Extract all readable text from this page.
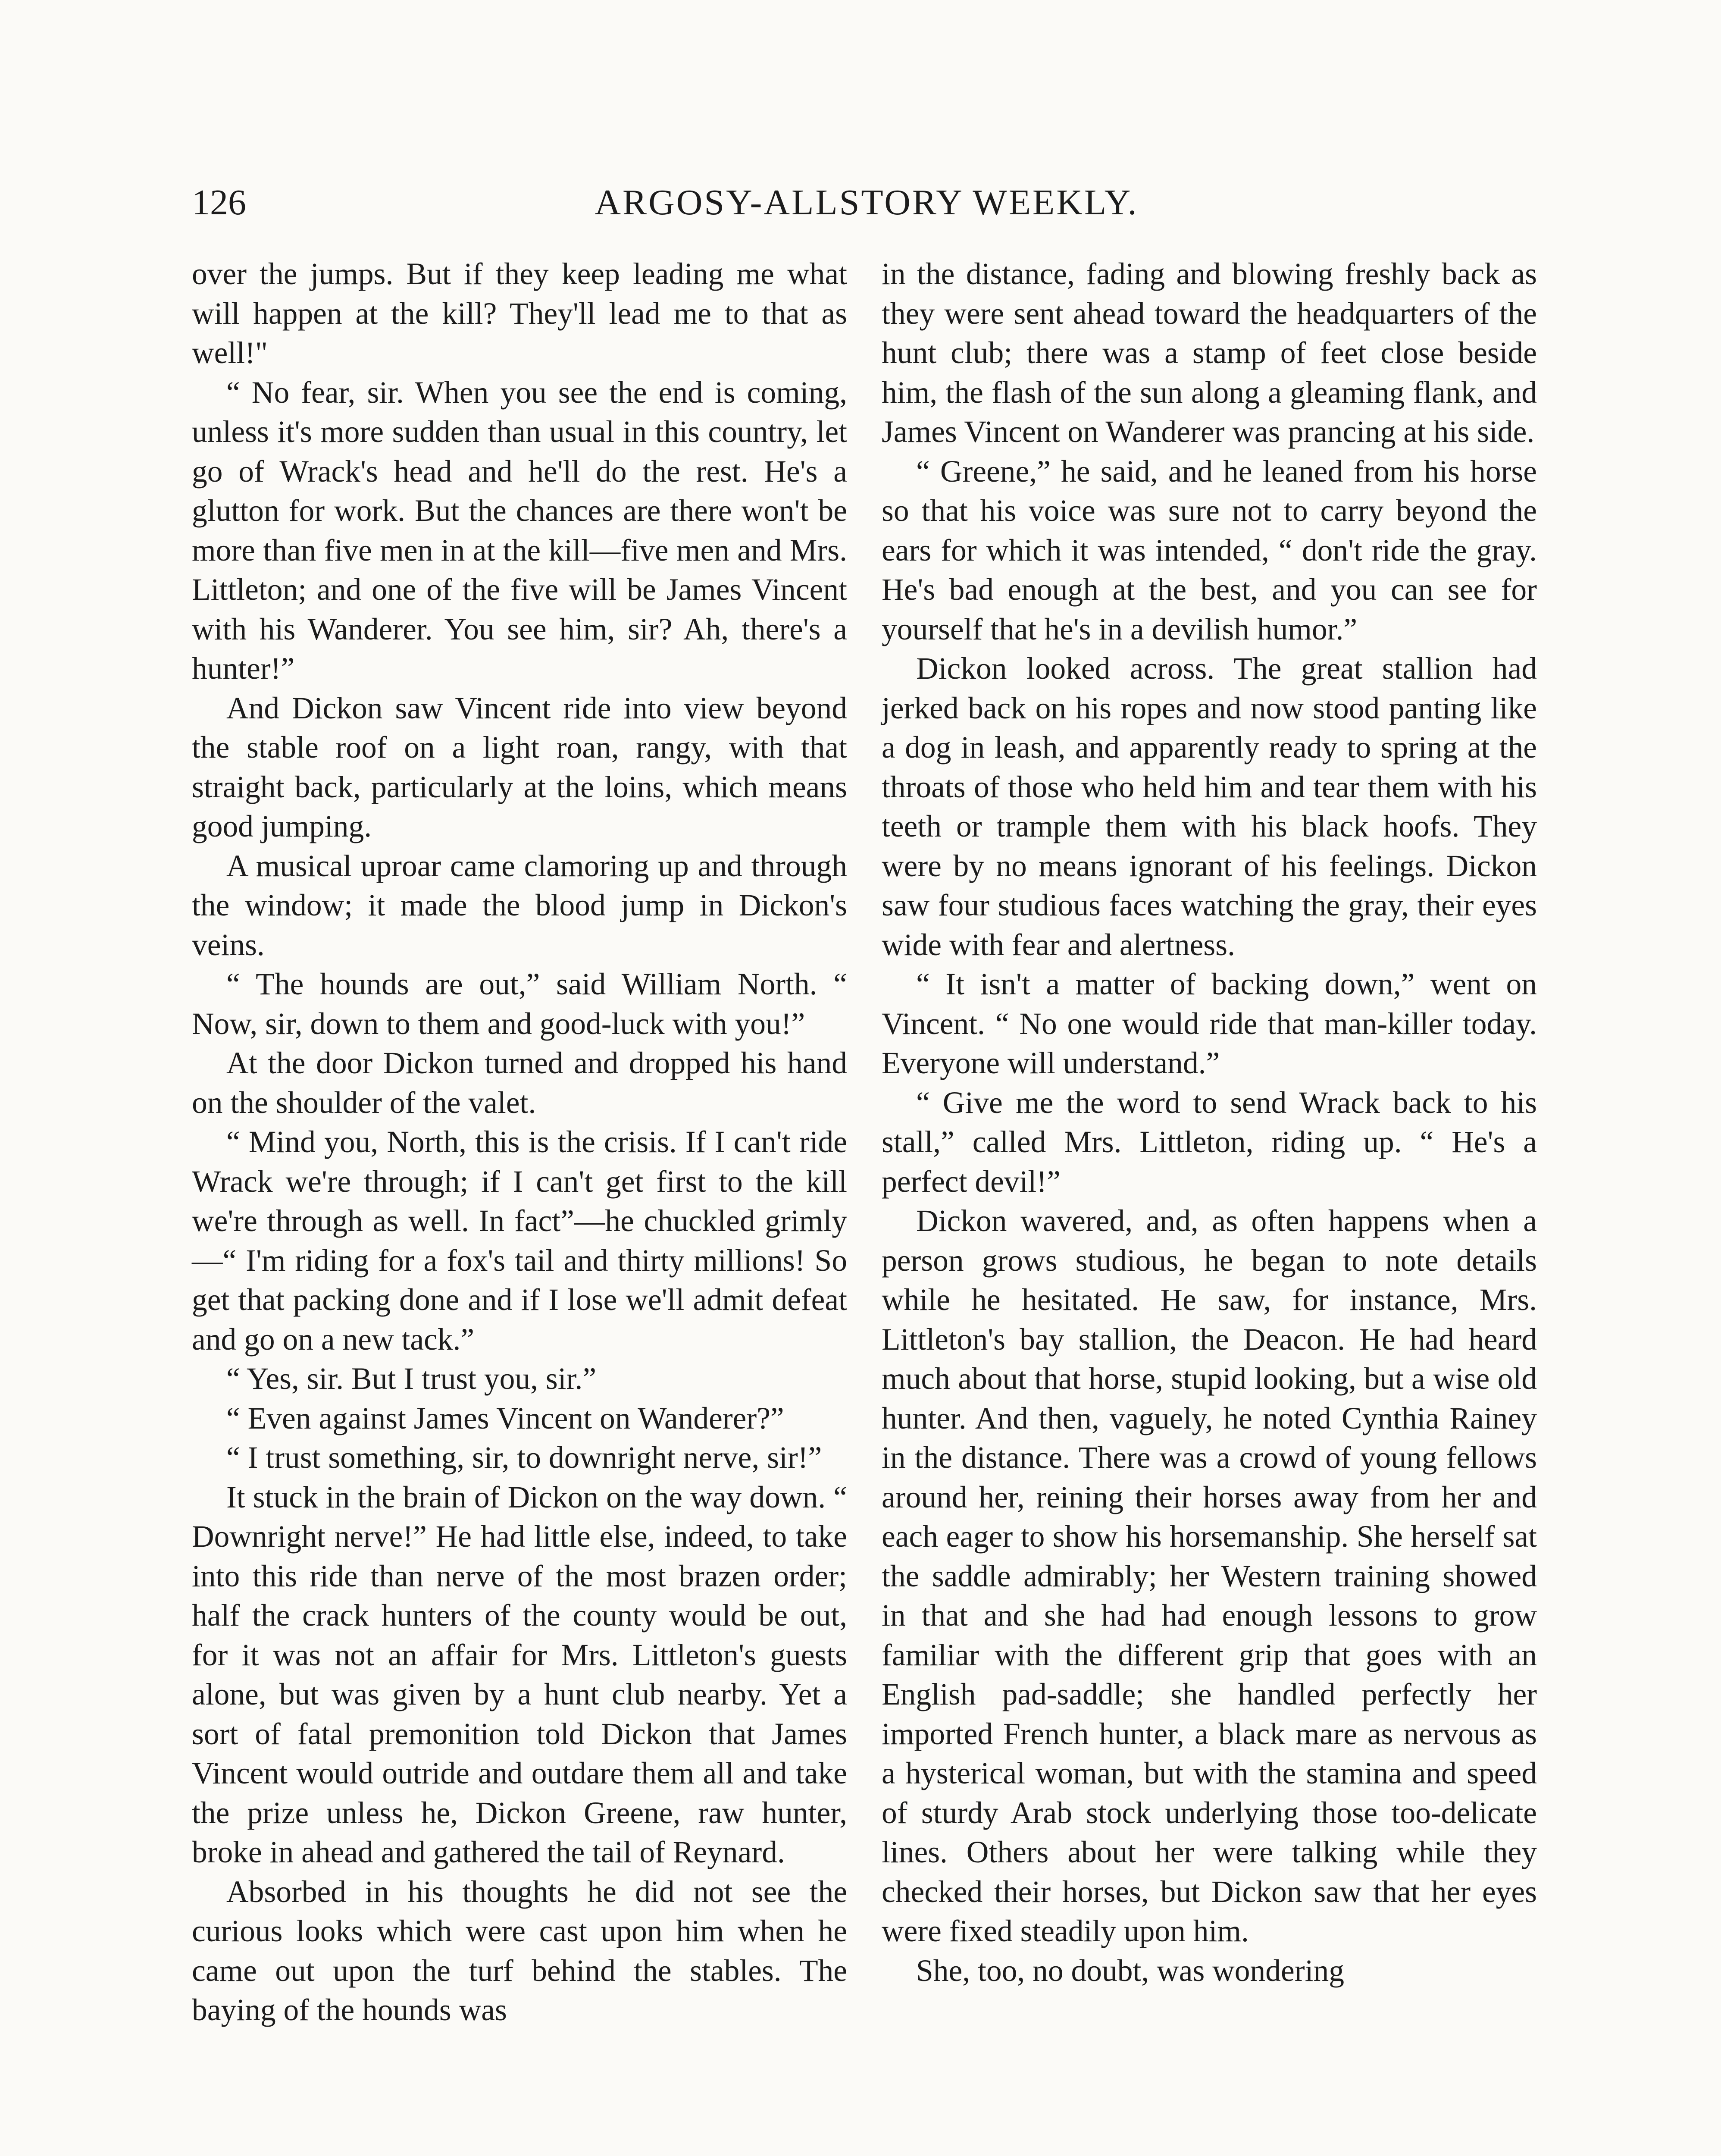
126	ARGOSY-ALLSTORY WEEKLY.

over the jumps. But if they keep leading me what will happen at the kill? They'll lead me to that as well!"

“ No fear, sir. When you see the end is coming, unless it's more sudden than usual in this country, let go of Wrack's head and he'll do the rest. He's a glutton for work. But the chances are there won't be more than five men in at the kill—five men and Mrs. Littleton; and one of the five will be James Vincent with his Wanderer. You see him, sir? Ah, there's a hunter!”

And Dickon saw Vincent ride into view beyond the stable roof on a light roan, rangy, with that straight back, particularly at the loins, which means good jumping.

A musical uproar came clamoring up and through the window; it made the blood jump in Dickon's veins.

“ The hounds are out,” said William North. “ Now, sir, down to them and good-luck with you!”

At the door Dickon turned and dropped his hand on the shoulder of the valet.

“ Mind you, North, this is the crisis. If I can't ride Wrack we're through; if I can't get first to the kill we're through as well. In fact”—he chuckled grimly—“ I'm riding for a fox's tail and thirty millions! So get that packing done and if I lose we'll admit defeat and go on a new tack.”

“ Yes, sir. But I trust you, sir.”

“ Even against James Vincent on Wanderer?”

“ I trust something, sir, to downright nerve, sir!”

It stuck in the brain of Dickon on the way down. “ Downright nerve!” He had little else, indeed, to take into this ride than nerve of the most brazen order; half the crack hunters of the county would be out, for it was not an affair for Mrs. Littleton's guests alone, but was given by a hunt club nearby. Yet a sort of fatal premonition told Dickon that James Vincent would outride and outdare them all and take the prize unless he, Dickon Greene, raw hunter, broke in ahead and gathered the tail of Reynard.

Absorbed in his thoughts he did not see the curious looks which were cast upon him when he came out upon the turf behind the stables. The baying of the hounds was

in the distance, fading and blowing freshly back as they were sent ahead toward the headquarters of the hunt club; there was a stamp of feet close beside him, the flash of the sun along a gleaming flank, and James Vincent on Wanderer was prancing at his side.

“ Greene,” he said, and he leaned from his horse so that his voice was sure not to carry beyond the ears for which it was intended, “ don't ride the gray. He's bad enough at the best, and you can see for yourself that he's in a devilish humor.”

Dickon looked across. The great stallion had jerked back on his ropes and now stood panting like a dog in leash, and apparently ready to spring at the throats of those who held him and tear them with his teeth or trample them with his black hoofs. They were by no means ignorant of his feelings. Dickon saw four studious faces watching the gray, their eyes wide with fear and alertness.

“ It isn't a matter of backing down,” went on Vincent. “ No one would ride that man-killer today. Everyone will understand.”

“ Give me the word to send Wrack back to his stall,” called Mrs. Littleton, riding up. “ He's a perfect devil!”

Dickon wavered, and, as often happens when a person grows studious, he began to note details while he hesitated. He saw, for instance, Mrs. Littleton's bay stallion, the Deacon. He had heard much about that horse, stupid looking, but a wise old hunter. And then, vaguely, he noted Cynthia Rainey in the distance. There was a crowd of young fellows around her, reining their horses away from her and each eager to show his horsemanship. She herself sat the saddle admirably; her Western training showed in that and she had had enough lessons to grow familiar with the different grip that goes with an English pad-saddle; she handled perfectly her imported French hunter, a black mare as nervous as a hysterical woman, but with the stamina and speed of sturdy Arab stock underlying those too-delicate lines. Others about her were talking while they checked their horses, but Dickon saw that her eyes were fixed steadily upon him.

She, too, no doubt, was wondering
